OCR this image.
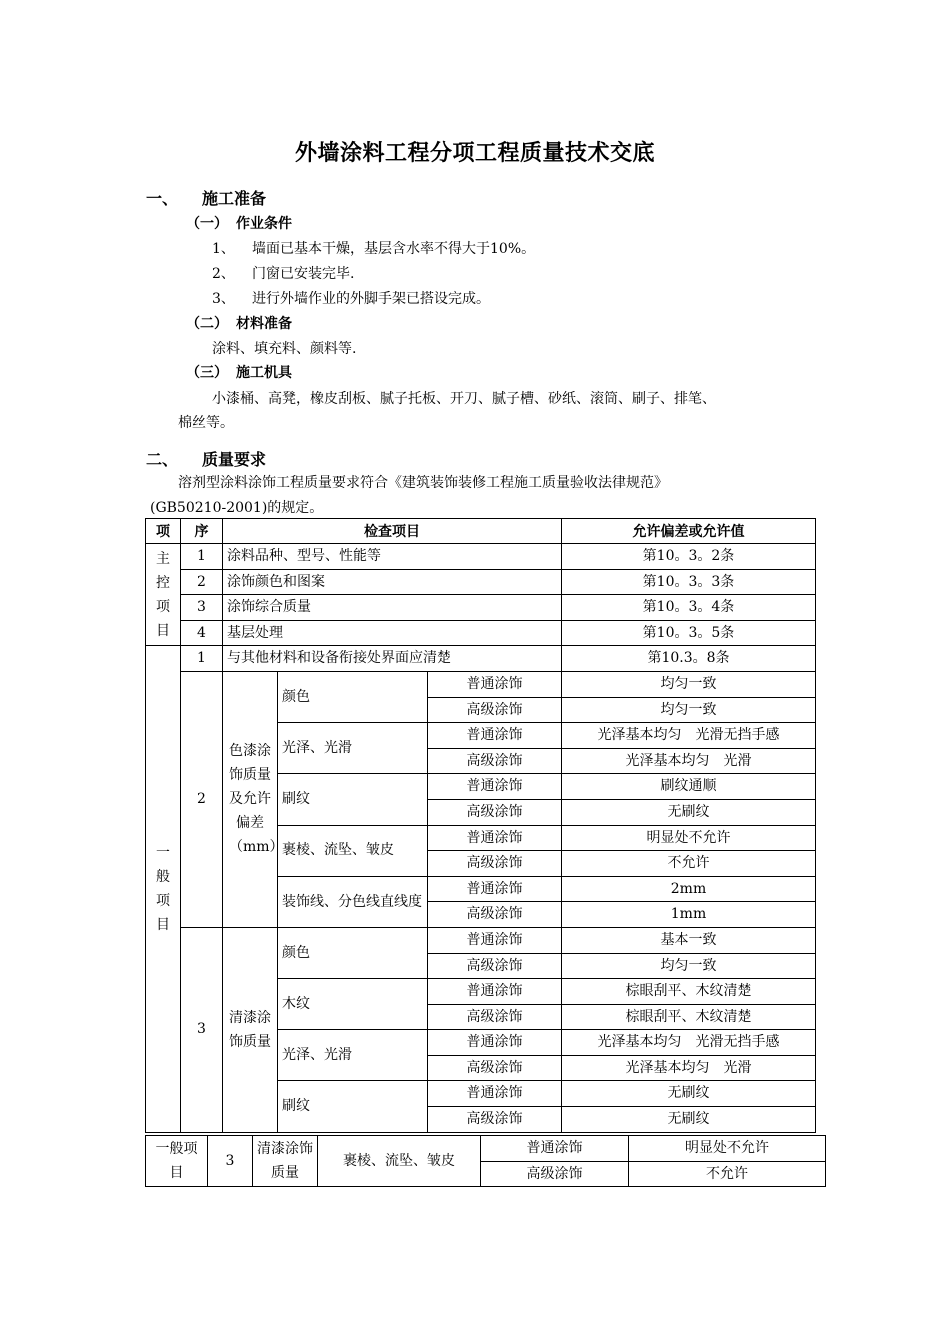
外墙涂料工程分项工程质量技术交底
一、 施工准备
（一） 作业条件
1、 墙面已基本干燥，基层含水率不得大于10%。
2、 门窗已安装完毕.
3、 进行外墙作业的外脚手架已搭设完成。
（二） 材料准备
涂料、填充料、颜料等.
（三） 施工机具
小漆桶、高凳，橡皮刮板、腻子托板、开刀、腻子槽、砂纸、滚筒、刷子、排笔、
棉丝等。
二、 质量要求
溶剂型涂料涂饰工程质量要求符合《建筑装饰装修工程施工质量验收法律规范》
(GB50210-2001)的规定。
项	序	检查项目			允许偏差或允许值
主控项目	1	涂料品种、型号、性能等			第10。3。2条
	2	涂饰颜色和图案			第10。3。3条
	3	涂饰综合质量			第10。3。4条
	4	基层处理			第10。3。5条
一般项目	1	与其他材料和设备衔接处界面应清楚			第10.3。8条
	2	色漆涂饰质量及允许偏差（mm）	颜色	普通涂饰	均匀一致
				高级涂饰	均匀一致
			光泽、光滑	普通涂饰	光泽基本均匀　光滑无挡手感
				高级涂饰	光泽基本均匀　光滑
			刷纹	普通涂饰	刷纹通顺
				高级涂饰	无刷纹
			裹棱、流坠、皱皮	普通涂饰	明显处不允许
				高级涂饰	不允许
			装饰线、分色线直线度	普通涂饰	2mm
				高级涂饰	1mm
	3	清漆涂饰质量	颜色	普通涂饰	基本一致
				高级涂饰	均匀一致
			木纹	普通涂饰	棕眼刮平、木纹清楚
				高级涂饰	棕眼刮平、木纹清楚
			光泽、光滑	普通涂饰	光泽基本均匀　光滑无挡手感
				高级涂饰	光泽基本均匀　光滑
			刷纹	普通涂饰	无刷纹
				高级涂饰	无刷纹
一般项目	3	清漆涂饰质量	裹棱、流坠、皱皮	普通涂饰	明显处不允许
				高级涂饰	不允许
